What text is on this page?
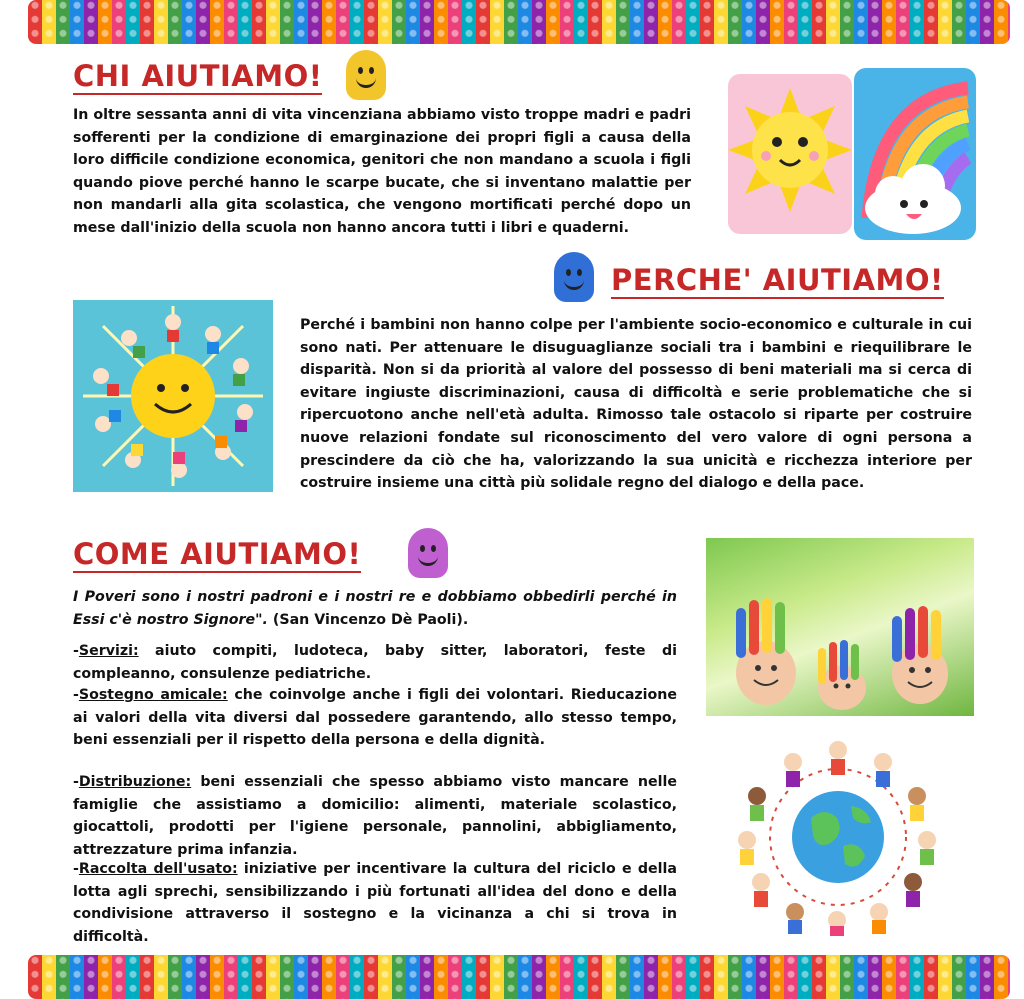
CHI AIUTIAMO!

In oltre sessanta anni di vita vincenziana abbiamo visto troppe madri e padri sofferenti per la condizione di emarginazione dei propri figli a causa della loro difficile condizione economica, genitori che non mandano a scuola i figli quando piove perché hanno le scarpe bucate, che si inventano malattie per non mandarli alla gita scolastica, che vengono mortificati perché dopo un mese dall'inizio della scuola non hanno ancora tutti i libri e quaderni.

PERCHE' AIUTIAMO!

Perché i bambini non hanno colpe per l'ambiente socio-economico e culturale in cui sono nati. Per attenuare le disuguaglianze sociali tra i bambini e riequilibrare le disparità. Non si da priorità al valore del possesso di beni materiali ma si cerca di evitare ingiuste discriminazioni, causa di difficoltà e serie problematiche che si ripercuotono anche nell'età adulta. Rimosso tale ostacolo si riparte per costruire nuove relazioni fondate sul riconoscimento del vero valore di ogni persona a prescindere da ciò che ha, valorizzando la sua unicità e ricchezza interiore per costruire insieme una città più solidale regno del dialogo e della pace.

COME AIUTIAMO!

I Poveri sono i nostri padroni e i nostri re e dobbiamo obbedirli perché in Essi c'è nostro Signore". (San Vincenzo Dè Paoli).

-Servizi: aiuto compiti, ludoteca, baby sitter, laboratori, feste di compleanno, consulenze pediatriche.

-Sostegno amicale: che coinvolge anche i figli dei volontari. Rieducazione ai valori della vita diversi dal possedere garantendo, allo stesso tempo, beni essenziali per il rispetto della persona e della dignità.

-Distribuzione: beni essenziali che spesso abbiamo visto mancare nelle famiglie che assistiamo a domicilio: alimenti, materiale scolastico, giocattoli, prodotti per l'igiene personale, pannolini, abbigliamento, attrezzature prima infanzia.

-Raccolta dell'usato: iniziative per incentivare la cultura del riciclo e della lotta agli sprechi, sensibilizzando i più fortunati all'idea del dono e della condivisione attraverso il sostegno e la vicinanza a chi si trova in difficoltà.
